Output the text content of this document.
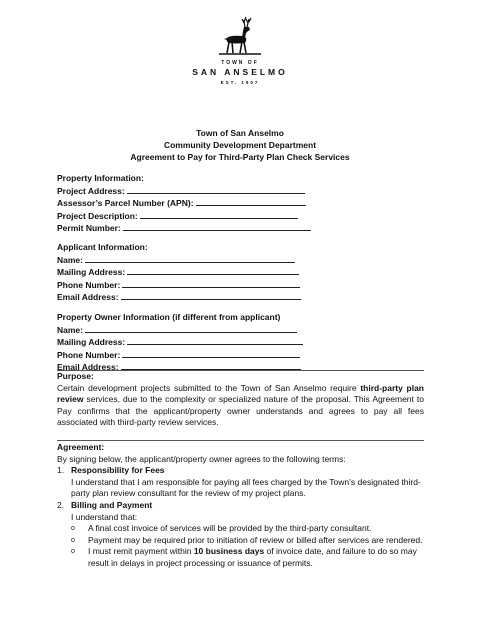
TOWN OF
SAN ANSELMO
EST. 1907
Town of San Anselmo
Community Development Department
Agreement to Pay for Third-Party Plan Check Services
Property Information:
Project Address:
Assessor’s Parcel Number (APN):
Project Description:
Permit Number:
Applicant Information:
Name:
Mailing Address:
Phone Number:
Email Address:
Property Owner Information (if different from applicant)
Name:
Mailing Address:
Phone Number:
Email Address:
Purpose:
Certain development projects submitted to the Town of San Anselmo require third-party plan review services, due to the complexity or specialized nature of the proposal. This Agreement to Pay confirms that the applicant/property owner understands and agrees to pay all fees associated with third-party review services.
Agreement:
By signing below, the applicant/property owner agrees to the following terms:
1. Responsibility for Fees
I understand that I am responsible for paying all fees charged by the Town’s designated third-party plan review consultant for the review of my project plans.
2. Billing and Payment
I understand that:
o A final cost invoice of services will be provided by the third-party consultant.
o Payment may be required prior to initiation of review or billed after services are rendered.
o I must remit payment within 10 business days of invoice date, and failure to do so may result in delays in project processing or issuance of permits.
